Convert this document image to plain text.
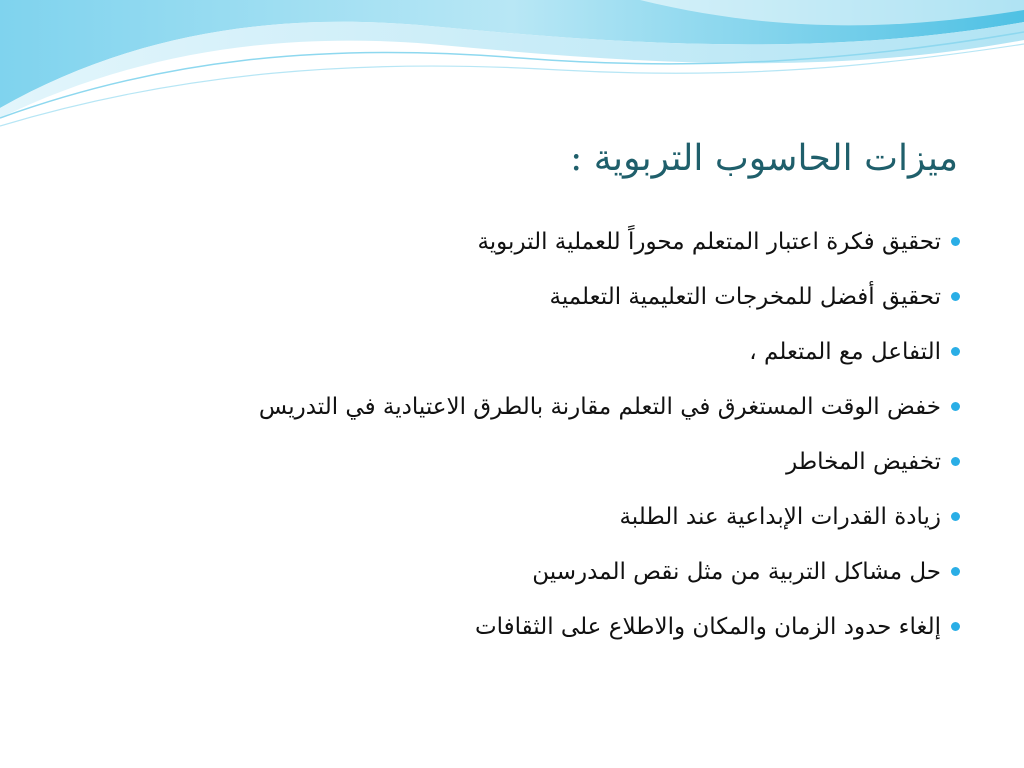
ميزات الحاسوب التربوية :
تحقيق فكرة اعتبار المتعلم محوراً للعملية التربوية
تحقيق أفضل للمخرجات التعليمية التعلمية
التفاعل مع المتعلم ،
خفض الوقت المستغرق في التعلم مقارنة بالطرق الاعتيادية في التدريس
تخفيض المخاطر
زيادة القدرات الإبداعية عند الطلبة
حل مشاكل التربية من مثل نقص المدرسين
إلغاء حدود الزمان والمكان والاطلاع على الثقافات
